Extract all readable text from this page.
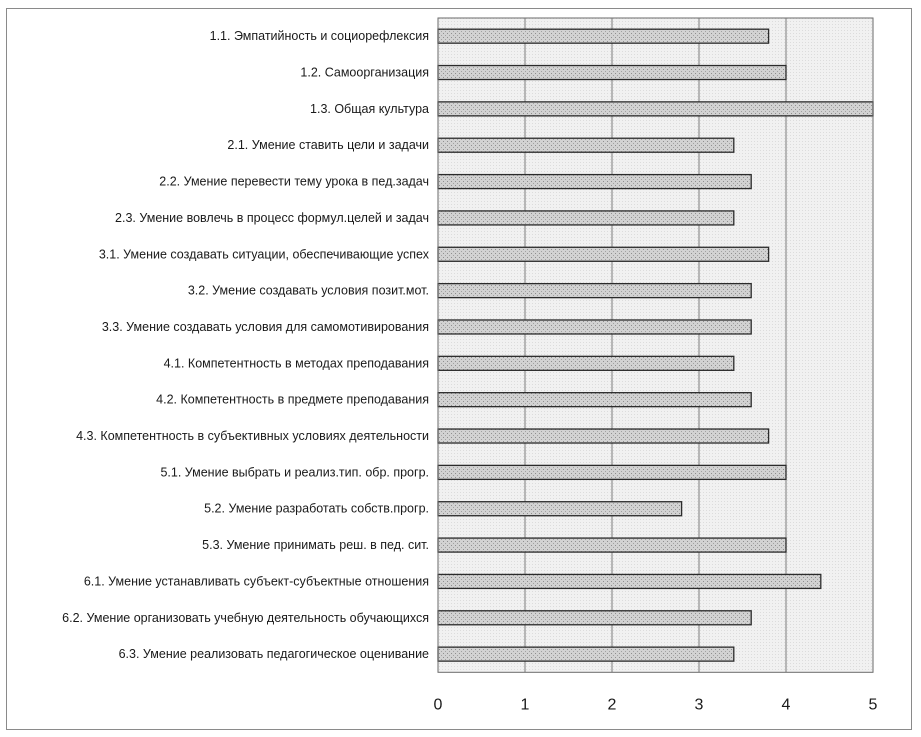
1.1. Эмпатийность и социорефлексия
1.2. Самоорганизация
1.3. Общая культура
2.1. Умение ставить цели и задачи
2.2. Умение перевести тему урока в пед.задач
2.3. Умение вовлечь в процесс формул.целей и задач
3.1. Умение создавать ситуации, обеспечивающие успех
3.2. Умение создавать условия позит.мот.
3.3. Умение создавать условия для самомотивирования
4.1. Компетентность в методах преподавания
4.2. Компетентность в предмете преподавания
4.3. Компетентность в субъективных условиях деятельности
5.1. Умение выбрать и реализ.тип. обр. прогр.
5.2. Умение разработать собств.прогр.
5.3. Умение принимать реш. в пед. сит.
6.1. Умение устанавливать субъект-субъектные отношения
6.2. Умение организовать учебную деятельность обучающихся
6.3. Умение реализовать педагогическое оценивание
0	1	2	3	4	5
